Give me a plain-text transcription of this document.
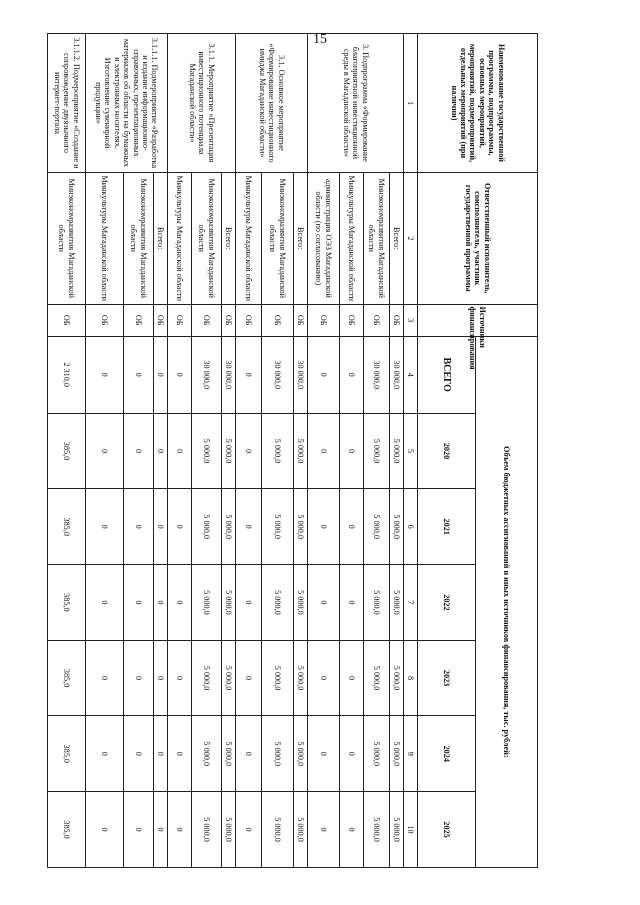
15
Наименование государственной программы, подпрограммы, основных мероприятий, мероприятий, подмероприятий, отдельных мероприятий (при наличии)	Ответственный исполнитель, соисполнитель, участник государственной программы	Источники финансирования	Объем бюджетных ассигнований и иных источников финансирования, тыс. рублей:						
			ВСЕГО	2020	2021	2022	2023	2024	2025
1	2	3	4	5	6	7	8	9	10
3. Подпрограмма «Формирование благоприятной инвестиционной среды в Магаданской области»	Всего:	ОБ	30 000,0	5 000,0	5 000,0	5 000,0	5 000,0	5 000,0	5 000,0
	Минэкономразвития Магаданской области	ОБ	30 000,0	5 000,0	5 000,0	5 000,0	5 000,0	5 000,0	5 000,0
	Минкультуры Магаданской области	ОБ	0	0	0	0	0	0	0
	администрация ОЭЗ Магаданской области (по согласованию)	ОБ	0	0	0	0	0	0	0
3.1. Основное мероприятие «Формирование инвестиционного имиджа Магаданской области»	Всего:	ОБ	30 000,0	5 000,0	5 000,0	5 000,0	5 000,0	5 000,0	5 000,0
	Минэкономразвития Магаданской области	ОБ	30 000,0	5 000,0	5 000,0	5 000,0	5 000,0	5 000,0	5 000,0
	Минкультуры Магаданской области	ОБ	0	0	0	0	0	0	0
3.1.1. Мероприятие «Презентация инвестиционного потенциала Магаданской области»	Всего:	ОБ	30 000,0	5 000,0	5 000,0	5 000,0	5 000,0	5 000,0	5 000,0
	Минэкономразвития Магаданской области	ОБ	30 000,0	5 000,0	5 000,0	5 000,0	5 000,0	5 000,0	5 000,0
	Минкультуры Магаданской области	ОБ	0	0	0	0	0	0	0
3.1.1.1. Подмероприятие «Разработка и издание информационно-справочных, презентационных материалов об области на бумажных и электронных носителях. Изготовление сувенирной продукции»	Всего:	ОБ	0	0	0	0	0	0	0
	Минэкономразвития Магаданской области	ОБ	0	0	0	0	0	0	0
	Минкультуры Магаданской области	ОБ	0	0	0	0	0	0	0
3.1.1.2. Подмероприятие «Создание и сопровождение двуязычного интернет-портала	Минэкономразвития Магаданской области	ОБ	2 310,0	385,0	385,0	385,0	385,0	385,0	385,0
